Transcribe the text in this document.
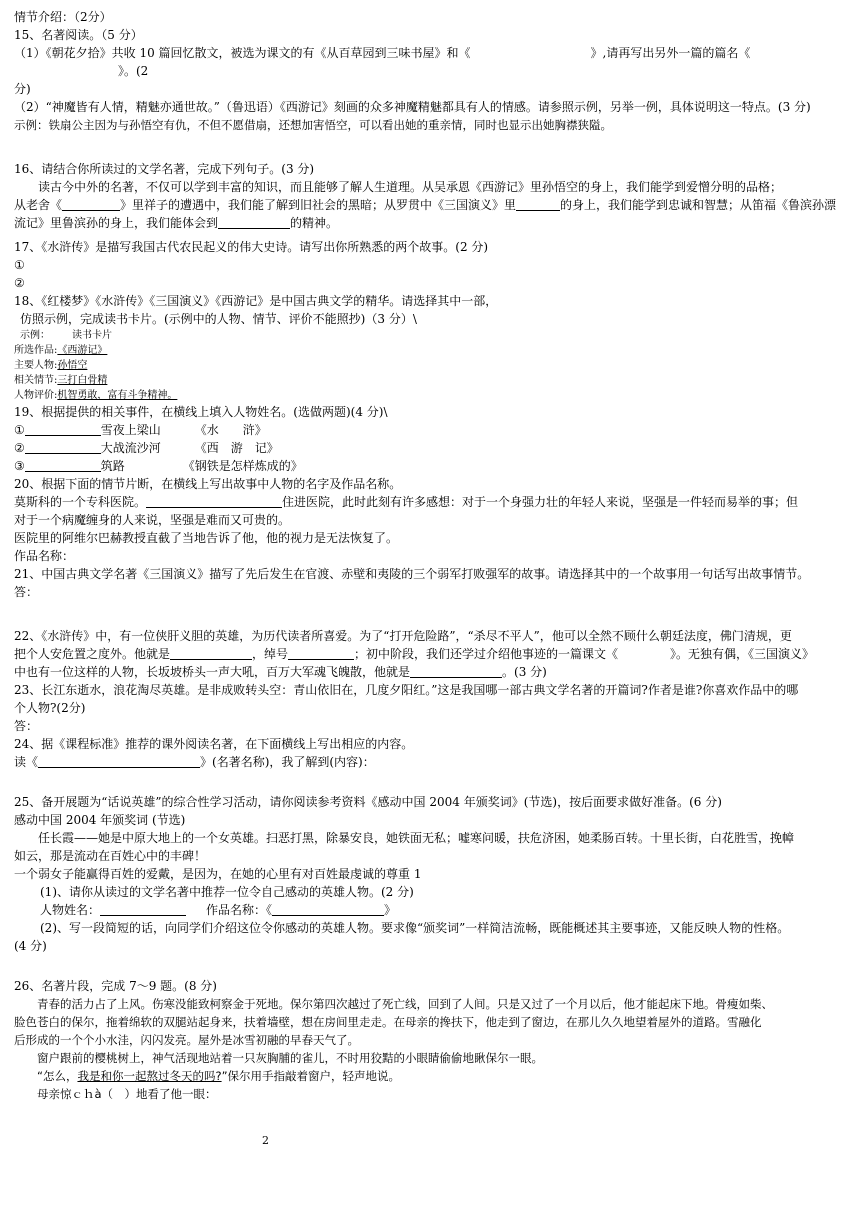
情节介绍：（2分）

15、名著阅读。（5 分）

（1）《朝花夕拾》共收 10 篇回忆散文，被选为课文的有《从百草园到三味书屋》和《	》,请再写出另外一篇的篇名《》。(2

分)

（2）“神魔皆有人情，精魅亦通世故。”（鲁迅语）《西游记》刻画的众多神魔精魅都具有人的情感。请参照示例，另举一例，具体说明这一特点。(3 分)

示例：铁扇公主因为与孙悟空有仇，不但不愿借扇，还想加害悟空，可以看出她的重亲情，同时也显示出她胸襟狭隘。

16、请结合你所读过的文学名著，完成下列句子。(3 分)

读古今中外的名著，不仅可以学到丰富的知识，而且能够了解人生道理。从吴承恩《西游记》里孙悟空的身上，我们能学到爱憎分明的品格；

从老舍《	》里祥子的遭遇中，我们能了解到旧社会的黑暗；从罗贯中《三国演义》里	的身上，我们能学到忠诚和智慧；从笛福《鲁滨孙漂

流记》里鲁滨孙的身上，我们能体会到	的精神。

17、《水浒传》是描写我国古代农民起义的伟大史诗。请写出你所熟悉的两个故事。(2 分)

①

②

18、《红楼梦》《水浒传》《三国演义》《西游记》是中国古典文学的精华。请选择其中一部，

仿照示例，完成读书卡片。(示例中的人物、情节、评价不能照抄)（3 分）\

示例： 读书卡片

所选作品:《西游记》

主要人物:孙悟空

相关情节:三打白骨精

人物评价:机智勇敢，富有斗争精神。

19、根据提供的相关事件，在横线上填入人物姓名。(选做两题)(4 分)\

①	雪夜上梁山	《水　　浒》

②	大战流沙河	《西　游　记》

③	筑路	《钢铁是怎样炼成的》

20、根据下面的情节片断，在横线上写出故事中人物的名字及作品名称。

莫斯科的一个专科医院。	住进医院，此时此刻有许多感想：对于一个身强力壮的年轻人来说，坚强是一件轻而易举的事；但

对于一个病魔缠身的人来说，坚强是难而又可贵的。

医院里的阿维尔巴赫教授直截了当地告诉了他，他的视力是无法恢复了。

作品名称：

21、中国古典文学名著《三国演义》描写了先后发生在官渡、赤壁和夷陵的三个弱军打败强军的故事。请选择其中的一个故事用一句话写出故事情节。

答：

22、《水浒传》中，有一位侠肝义胆的英雄，为历代读者所喜爱。为了“打开危险路”，“杀尽不平人”，他可以全然不顾什么朝廷法度，佛门清规，更

把个人安危置之度外。他就是	，绰号	；初中阶段，我们还学过介绍他事迹的一篇课文《	》。无独有偶，《三国演义》

中也有一位这样的人物，长坂坡桥头一声大吼，百万大军魂飞魄散，他就是	。(3 分)

23、长江东逝水，浪花淘尽英雄。是非成败转头空：青山依旧在，几度夕阳红。”这是我国哪一部古典文学名著的开篇词?作者是谁?你喜欢作品中的哪

个人物?(2分)

答：

24、据《课程标准》推荐的课外阅读名著，在下面横线上写出相应的内容。

读《	》(名著名称)，我了解到(内容)：

25、备开展题为“话说英雄”的综合性学习活动，请你阅读参考资料《感动中国 2004 年颁奖词》(节选)，按后面要求做好准备。(6 分)

感动中国 2004 年颁奖词 (节选)

任长霞——她是中原大地上的一个女英雄。扫恶打黑，除暴安良，她铁面无私；嘘寒问暖，扶危济困，她柔肠百转。十里长街，白花胜雪，挽幛

如云，那是流动在百姓心中的丰碑！

一个弱女子能赢得百姓的爱戴，是因为，在她的心里有对百姓最虔诚的尊重 1

(1)、请你从读过的文学名著中推荐一位令自己感动的英雄人物。(2 分)

人物姓名：	作品名称：《	》

(2)、写一段简短的话，向同学们介绍这位令你感动的英雄人物。要求像“颁奖词”一样简洁流畅，既能概述其主要事迹，又能反映人物的性格。

(4 分)

26、名著片段，完成 7～9 题。(8 分)

青春的活力占了上风。伤寒没能致柯察金于死地。保尔第四次越过了死亡线，回到了人间。只是又过了一个月以后，他才能起床下地。骨瘦如柴、

脸色苍白的保尔，拖着绵软的双腿站起身来，扶着墙壁，想在房间里走走。在母亲的搀扶下，他走到了窗边，在那儿久久地望着屋外的道路。雪融化

后形成的一个个小水洼，闪闪发亮。屋外是冰雪初融的早春天气了。

窗户跟前的樱桃树上，神气活现地站着一只灰胸脯的雀儿，不时用狡黠的小眼睛偷偷地瞅保尔一眼。

“怎么，我是和你一起熬过冬天的吗?”保尔用手指敲着窗户，轻声地说。

母亲惊ｃｈà（　）地看了他一眼：

2
